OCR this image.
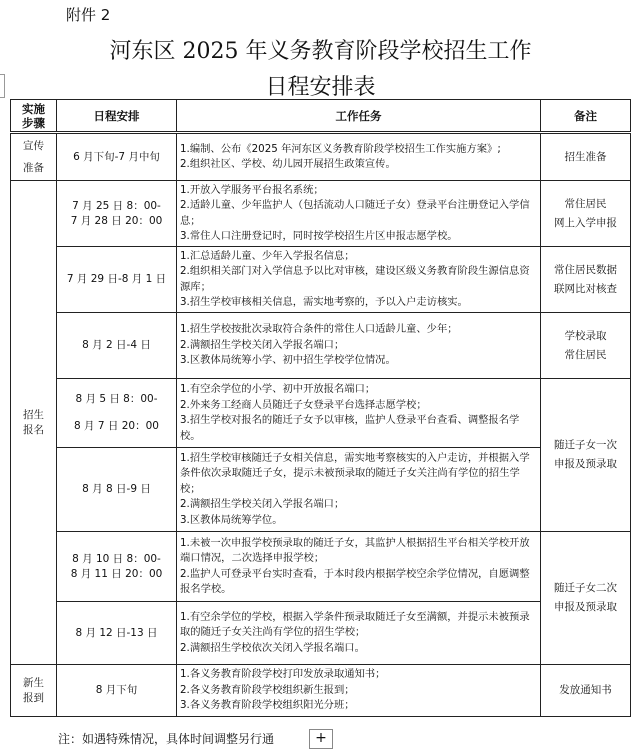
附件 2
河东区 2025 年义务教育阶段学校招生工作
日程安排表
实施步骤	日程安排	工作任务	备注

宣传准备	6 月下旬-7 月中旬	1.编制、公布《2025 年河东区义务教育阶段学校招生工作实施方案》;
2.组织社区、学校、幼儿园开展招生政策宣传。	招生准备

招生报名	7 月 25 日 8：00-
7 月 28 日 20：00	1.开放入学服务平台报名系统；
2.适龄儿童、少年监护人（包括流动人口随迁子女）登录平台注册登记入学信息；
3.常住人口注册登记时，同时按学校招生片区申报志愿学校。	常住居民
网上入学申报

	7 月 29 日-8 月 1 日	1.汇总适龄儿童、少年入学报名信息；
2.组织相关部门对入学信息予以比对审核，建设区级义务教育阶段生源信息资源库；
3.招生学校审核相关信息，需实地考察的，予以入户走访核实。	常住居民数据
联网比对核查

	8 月 2 日-4 日	1.招生学校按批次录取符合条件的常住人口适龄儿童、少年；
2.满额招生学校关闭入学报名端口；
3.区教体局统筹小学、初中招生学校学位情况。	学校录取
常住居民

	8 月 5 日 8：00-
8 月 7 日 20：00	1.有空余学位的小学、初中开放报名端口；
2.外来务工经商人员随迁子女登录平台选择志愿学校；
3.招生学校对报名的随迁子女予以审核，监护人登录平台查看、调整报名学校。	随迁子女一次
申报及预录取

	8 月 8 日-9 日	1.招生学校审核随迁子女相关信息，需实地考察核实的入户走访，并根据入学条件依次录取随迁子女，提示未被预录取的随迁子女关注尚有学位的招生学校；
2.满额招生学校关闭入学报名端口；
3.区教体局统筹学位。	

	8 月 10 日 8：00-
8 月 11 日 20：00	1.未被一次申报学校预录取的随迁子女，其监护人根据招生平台相关学校开放端口情况，二次选择申报学校；
2.监护人可登录平台实时查看，于本时段内根据学校空余学位情况，自愿调整报名学校。	随迁子女二次
申报及预录取

	8 月 12 日-13 日	1.有空余学位的学校，根据入学条件预录取随迁子女至满额，并提示未被预录取的随迁子女关注尚有学位的招生学校；
2.满额招生学校依次关闭入学报名端口。	

新生报到	8 月下旬	1.各义务教育阶段学校打印发放录取通知书；
2.各义务教育阶段学校组织新生报到；
3.各义务教育阶段学校组织阳光分班；	发放通知书
注：如遇特殊情况，具体时间调整另行通	+
